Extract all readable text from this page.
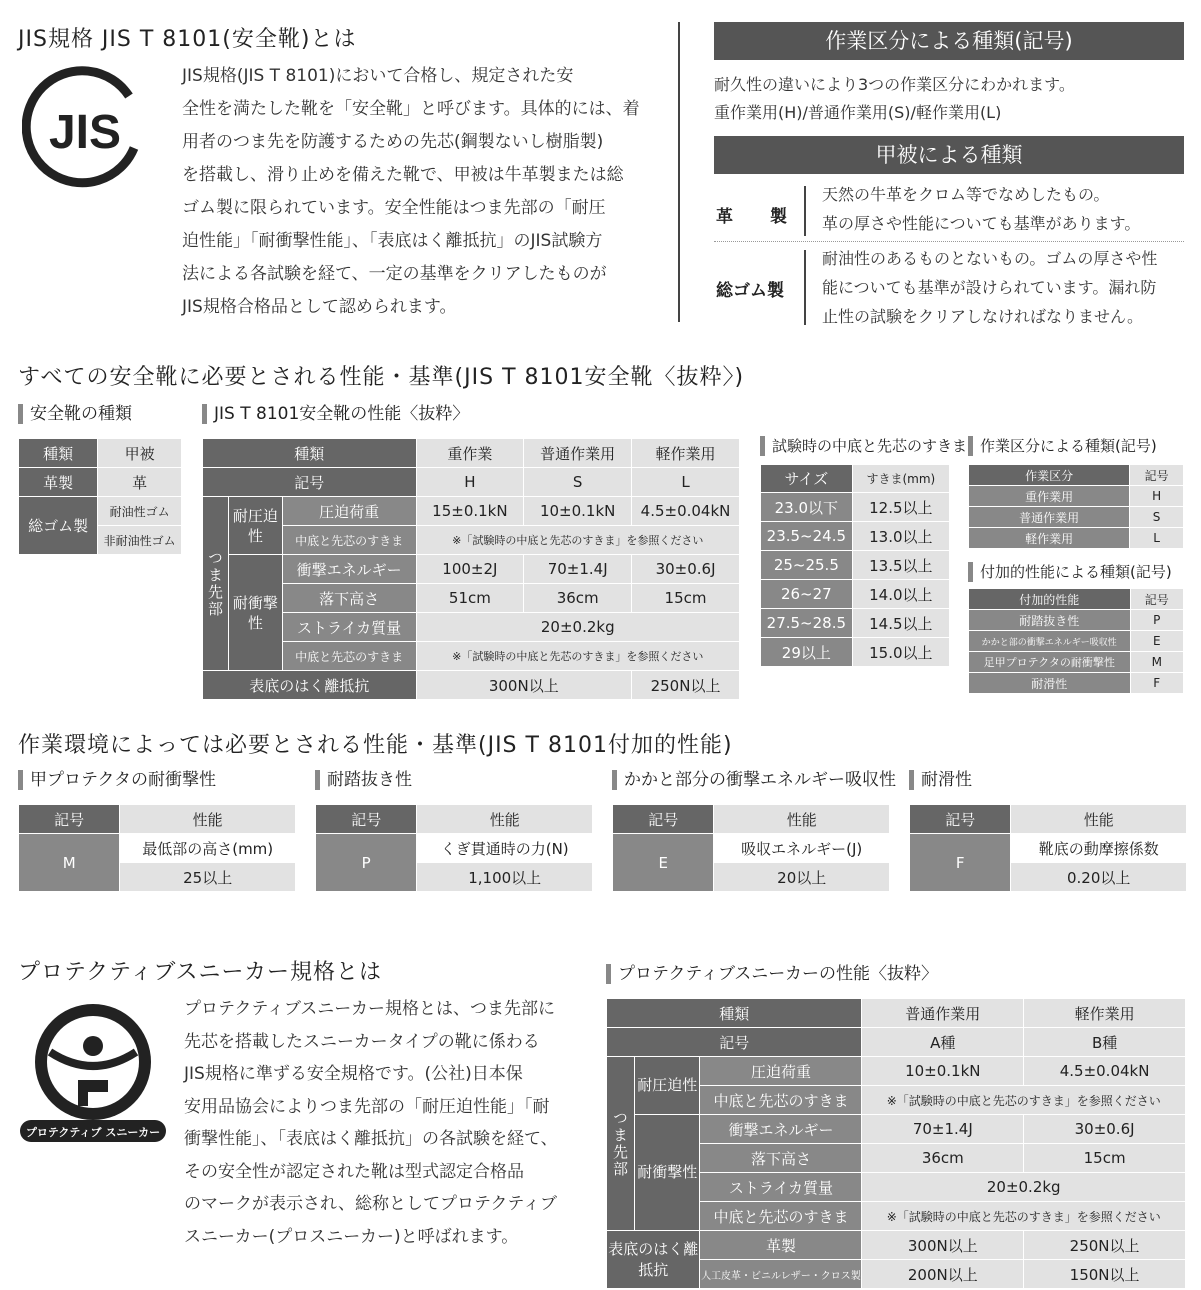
JIS規格 JIS T 8101(安全靴)とは
JIS
JIS規格(JIS T 8101)において合格し、規定された安
全性を満たした靴を「安全靴」と呼びます。具体的には、着
用者のつま先を防護するための先芯(鋼製ないし樹脂製)
を搭載し、滑り止めを備えた靴で、甲被は牛革製または総
ゴム製に限られています。安全性能はつま先部の「耐圧
迫性能」「耐衝撃性能」、「表底はく離抵抗」のJIS試験方
法による各試験を経て、一定の基準をクリアしたものが
JIS規格合格品として認められます。
作業区分による種類(記号)
耐久性の違いにより3つの作業区分にわかれます。
重作業用(H)/普通作業用(S)/軽作業用(L)
甲被による種類
革　製
天然の牛革をクロム等でなめしたもの。
革の厚さや性能についても基準があります。
総ゴム製
耐油性のあるものとないもの。ゴムの厚さや性
能についても基準が設けられています。漏れ防
止性の試験をクリアしなければなりません。
すべての安全靴に必要とされる性能・基準(JIS T 8101安全靴〈抜粋〉)
安全靴の種類
種類	甲被
革製	革
総ゴム製	耐油性ゴム
	非耐油性ゴム
JIS T 8101安全靴の性能〈抜粋〉
種類			重作業	普通作業用	軽作業用
記号			H	S	L
つま先部	耐圧迫性	圧迫荷重	15±0.1kN	10±0.1kN	4.5±0.04kN
		中底と先芯のすきま	※「試験時の中底と先芯のすきま」を参照ください		
	耐衝撃性	衝撃エネルギー	100±2J	70±1.4J	30±0.6J
		落下高さ	51cm	36cm	15cm
		ストライカ質量	20±0.2kg		
		中底と先芯のすきま	※「試験時の中底と先芯のすきま」を参照ください		
表底のはく離抵抗			300N以上		250N以上
試験時の中底と先芯のすきま
サイズ	すきま(mm)
23.0以下	12.5以上
23.5~24.5	13.0以上
25~25.5	13.5以上
26~27	14.0以上
27.5~28.5	14.5以上
29以上	15.0以上
作業区分による種類(記号)
作業区分	記号
重作業用	H
普通作業用	S
軽作業用	L
付加的性能による種類(記号)
付加的性能	記号
耐踏抜き性	P
かかと部の衝撃エネルギー吸収性	E
足甲プロテクタの耐衝撃性	M
耐滑性	F
作業環境によっては必要とされる性能・基準(JIS T 8101付加的性能)
甲プロテクタの耐衝撃性
記号	性能
M	最低部の高さ(mm)
	25以上
耐踏抜き性
記号	性能
P	くぎ貫通時の力(N)
	1,100以上
かかと部分の衝撃エネルギー吸収性
記号	性能
E	吸収エネルギー(J)
	20以上
耐滑性
記号	性能
F	靴底の動摩擦係数
	0.20以上
プロテクティブスニーカー規格とは
プロテクティブ スニーカー
プロテクティブスニーカー規格とは、つま先部に
先芯を搭載したスニーカータイプの靴に係わる
JIS規格に準ずる安全規格です。(公社)日本保
安用品協会によりつま先部の「耐圧迫性能」「耐
衝撃性能」、「表底はく離抵抗」の各試験を経て、
その安全性が認定された靴は型式認定合格品
のマークが表示され、総称としてプロテクティブ
スニーカー(プロスニーカー)と呼ばれます。
プロテクティブスニーカーの性能〈抜粋〉
種類			普通作業用	軽作業用
記号			A種	B種
つま先部	耐圧迫性	圧迫荷重	10±0.1kN	4.5±0.04kN
		中底と先芯のすきま	※「試験時の中底と先芯のすきま」を参照ください	
	耐衝撃性	衝撃エネルギー	70±1.4J	30±0.6J
		落下高さ	36cm	15cm
		ストライカ質量	20±0.2kg	
		中底と先芯のすきま	※「試験時の中底と先芯のすきま」を参照ください	
表底のはく離抵抗		革製	300N以上	250N以上
		人工皮革・ビニルレザー・クロス製	200N以上	150N以上
